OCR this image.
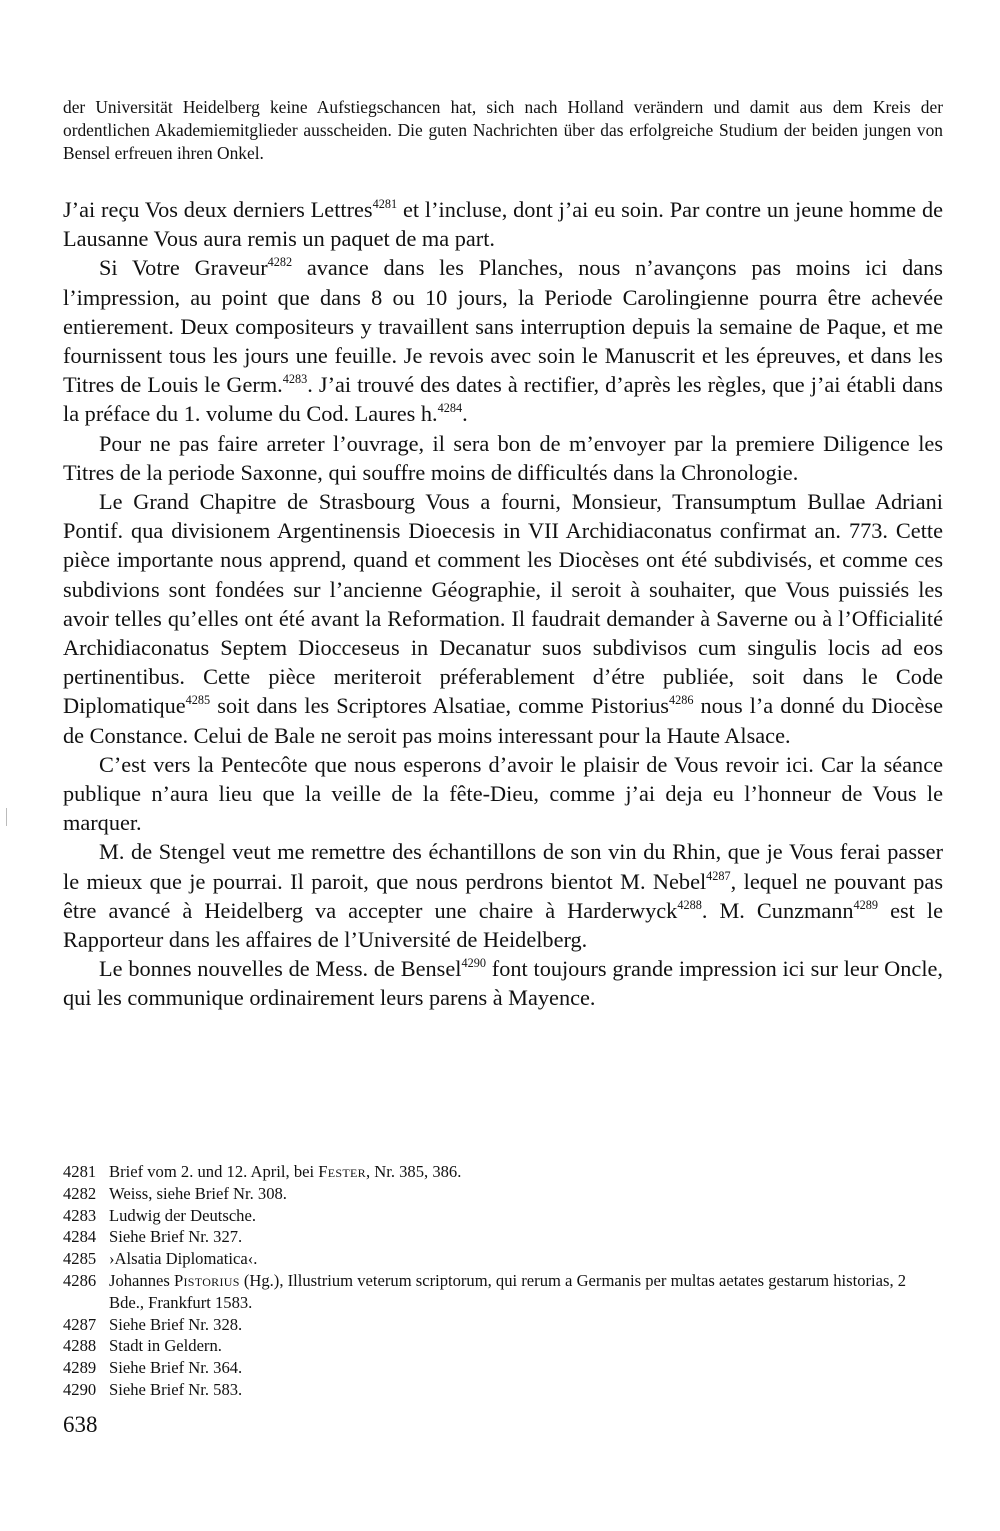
der Universität Heidelberg keine Aufstiegschancen hat, sich nach Holland verändern und damit aus dem Kreis der ordentlichen Akademiemitglieder ausscheiden. Die guten Nachrichten über das erfolgreiche Studium der beiden jungen von Bensel erfreuen ihren Onkel.

J’ai reçu Vos deux derniers Lettres$^{4281}$ et l’incluse, dont j’ai eu soin. Par contre un jeune homme de Lausanne Vous aura remis un paquet de ma part.

Si Votre Graveur$^{4282}$ avance dans les Planches, nous n’avançons pas moins ici dans l’impression, au point que dans 8 ou 10 jours, la Periode Carolingienne pourra être achevée entierement. Deux compositeurs y travaillent sans interruption depuis la semaine de Paque, et me fournissent tous les jours une feuille. Je revois avec soin le Manuscrit et les épreuves, et dans les Titres de Louis le Germ.$^{4283}$. J’ai trouvé des dates à rectifier, d’après les règles, que j’ai établi dans la préface du 1. volume du Cod. Laures h.$^{4284}$.

Pour ne pas faire arreter l’ouvrage, il sera bon de m’envoyer par la premiere Diligence les Titres de la periode Saxonne, qui souffre moins de difficultés dans la Chronologie.

Le Grand Chapitre de Strasbourg Vous a fourni, Monsieur, Transumptum Bullae Adriani Pontif. qua divisionem Argentinensis Dioecesis in VII Archidiaconatus confirmat an. 773. Cette pièce importante nous apprend, quand et comment les Diocèses ont été subdivisés, et comme ces subdivions sont fondées sur l’ancienne Géographie, il seroit à souhaiter, que Vous puissiés les avoir telles qu’elles ont été avant la Reformation. Il faudrait demander à Saverne ou à l’Officialité Archidiaconatus Septem Diocceseus in Decanatur suos subdivisos cum singulis locis ad eos pertinentibus. Cette pièce meriteroit préferablement d’étre publiée, soit dans le Code Diplomatique$^{4285}$ soit dans les Scriptores Alsatiae, comme Pistorius$^{4286}$ nous l’a donné du Diocèse de Constance. Celui de Bale ne seroit pas moins interessant pour la Haute Alsace.

C’est vers la Pentecôte que nous esperons d’avoir le plaisir de Vous revoir ici. Car la séance publique n’aura lieu que la veille de la fête-Dieu, comme j’ai deja eu l’honneur de Vous le marquer.

M. de Stengel veut me remettre des échantillons de son vin du Rhin, que je Vous ferai passer le mieux que je pourrai. Il paroit, que nous perdrons bientot M. Nebel$^{4287}$, lequel ne pouvant pas être avancé à Heidelberg va accepter une chaire à Harderwyck$^{4288}$. M. Cunzmann$^{4289}$ est le Rapporteur dans les affaires de l’Université de Heidelberg.

Le bonnes nouvelles de Mess. de Bensel$^{4290}$ font toujours grande impression ici sur leur Oncle, qui les communique ordinairement leurs parens à Mayence.

4281 Brief vom 2. und 12. April, bei Fester, Nr. 385, 386.
4282 Weiss, siehe Brief Nr. 308.
4283 Ludwig der Deutsche.
4284 Siehe Brief Nr. 327.
4285 ›Alsatia Diplomatica‹.
4286 Johannes Pistorius (Hg.), Illustrium veterum scriptorum, qui rerum a Germanis per multas aetates gestarum historias, 2 Bde., Frankfurt 1583.
4287 Siehe Brief Nr. 328.
4288 Stadt in Geldern.
4289 Siehe Brief Nr. 364.
4290 Siehe Brief Nr. 583.
638
